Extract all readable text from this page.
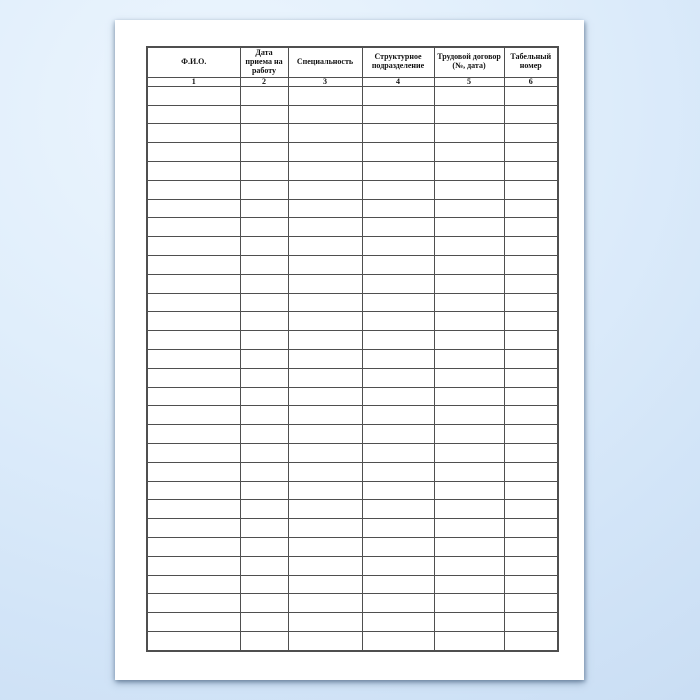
Ф.И.О.	Дата приема на работу	Специальность	Структурное подразделение	Трудовой договор (№, дата)	Табельный номер
1	2	3	4	5	6
